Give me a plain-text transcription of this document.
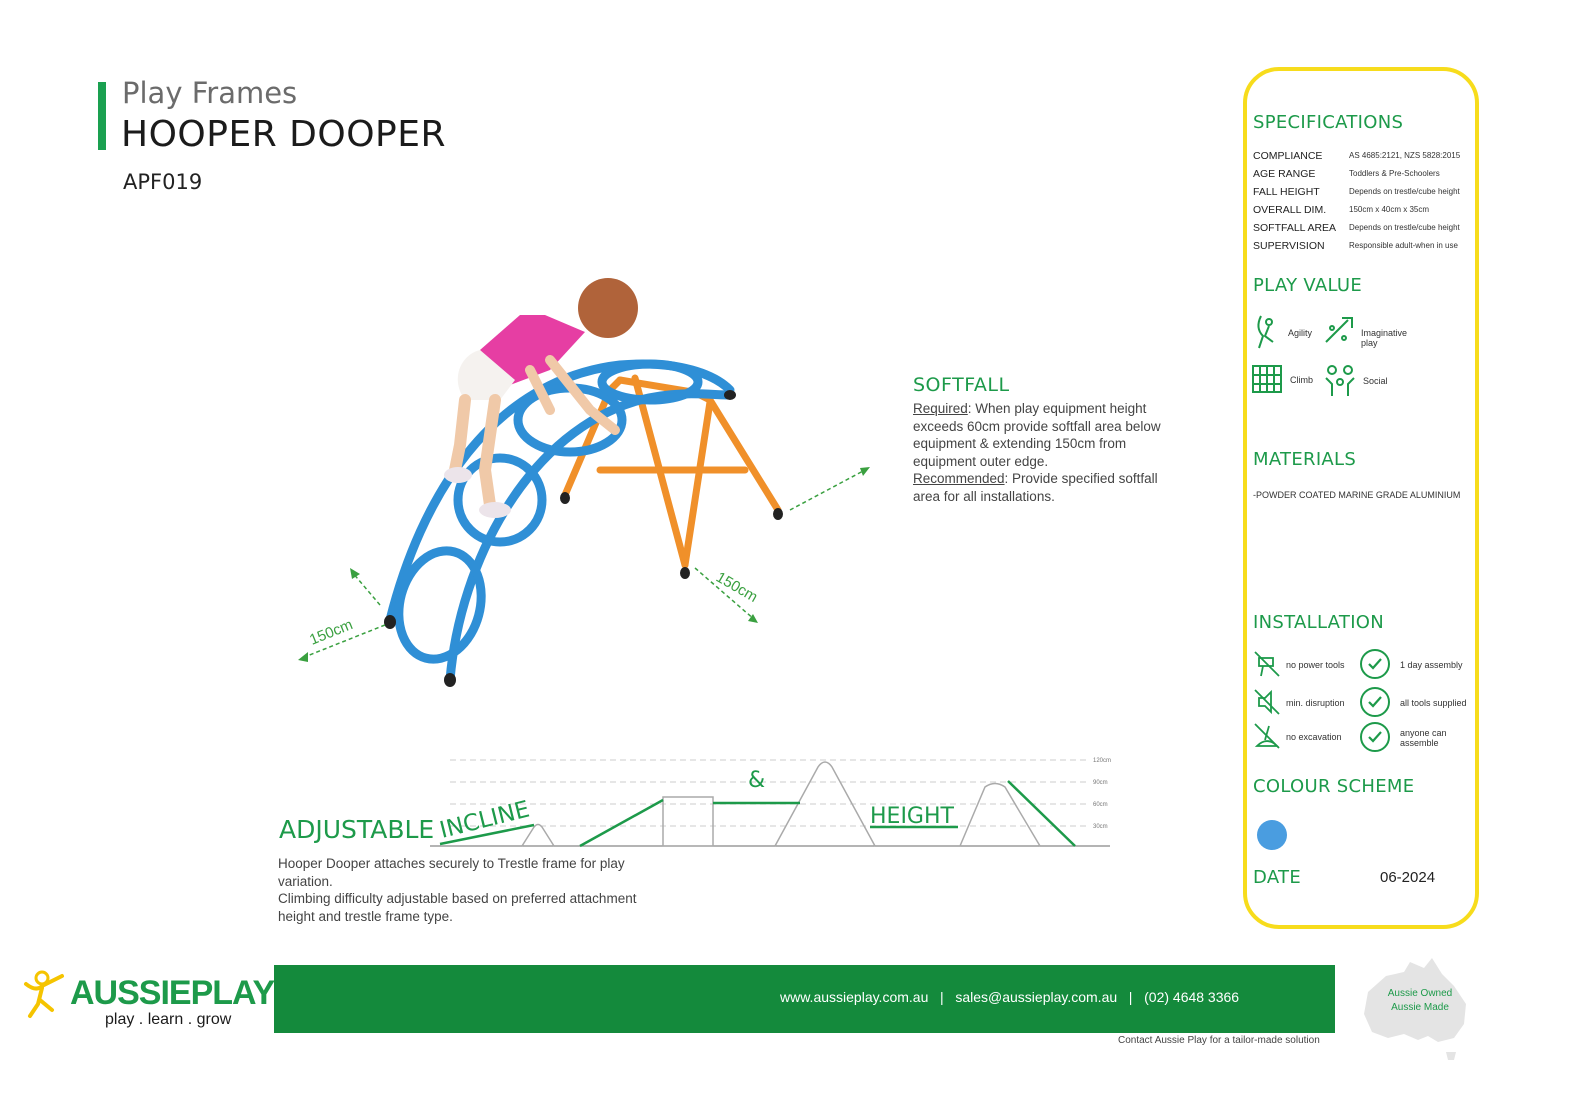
Play Frames
HOOPER DOOPER
APF019
150cm
150cm
SOFTFALL
Required: When play equipment height exceeds 60cm provide softfall area below equipment & extending 150cm from equipment outer edge.
Recommended: Provide specified softfall area for all installations.
120cm
90cm
60cm
30cm
INCLINE
&
HEIGHT
ADJUSTABLE
Hooper Dooper attaches securely to Trestle frame for play variation.
Climbing difficulty adjustable based on preferred attachment height and trestle frame type.
SPECIFICATIONS
COMPLIANCE	AS 4685:2121, NZS 5828:2015
AGE RANGE	Toddlers & Pre-Schoolers
FALL HEIGHT	Depends on trestle/cube height
OVERALL DIM.	150cm x 40cm x 35cm
SOFTFALL AREA Depends on trestle/cube height
SUPERVISION	Responsible adult-when in use
PLAY VALUE
Agility	Imaginative play
Climb	Social
MATERIALS
-POWDER COATED MARINE GRADE ALUMINIUM
INSTALLATION
no power tools	1 day assembly
min. disruption	all tools supplied
no excavation	anyone can assemble
COLOUR SCHEME
DATE	06-2024
AUSSIEPLAY
play . learn . grow
www.aussieplay.com.au   |   sales@aussieplay.com.au   |   (02) 4648 3366
Contact Aussie Play for a tailor-made solution
Aussie Owned Aussie Made
